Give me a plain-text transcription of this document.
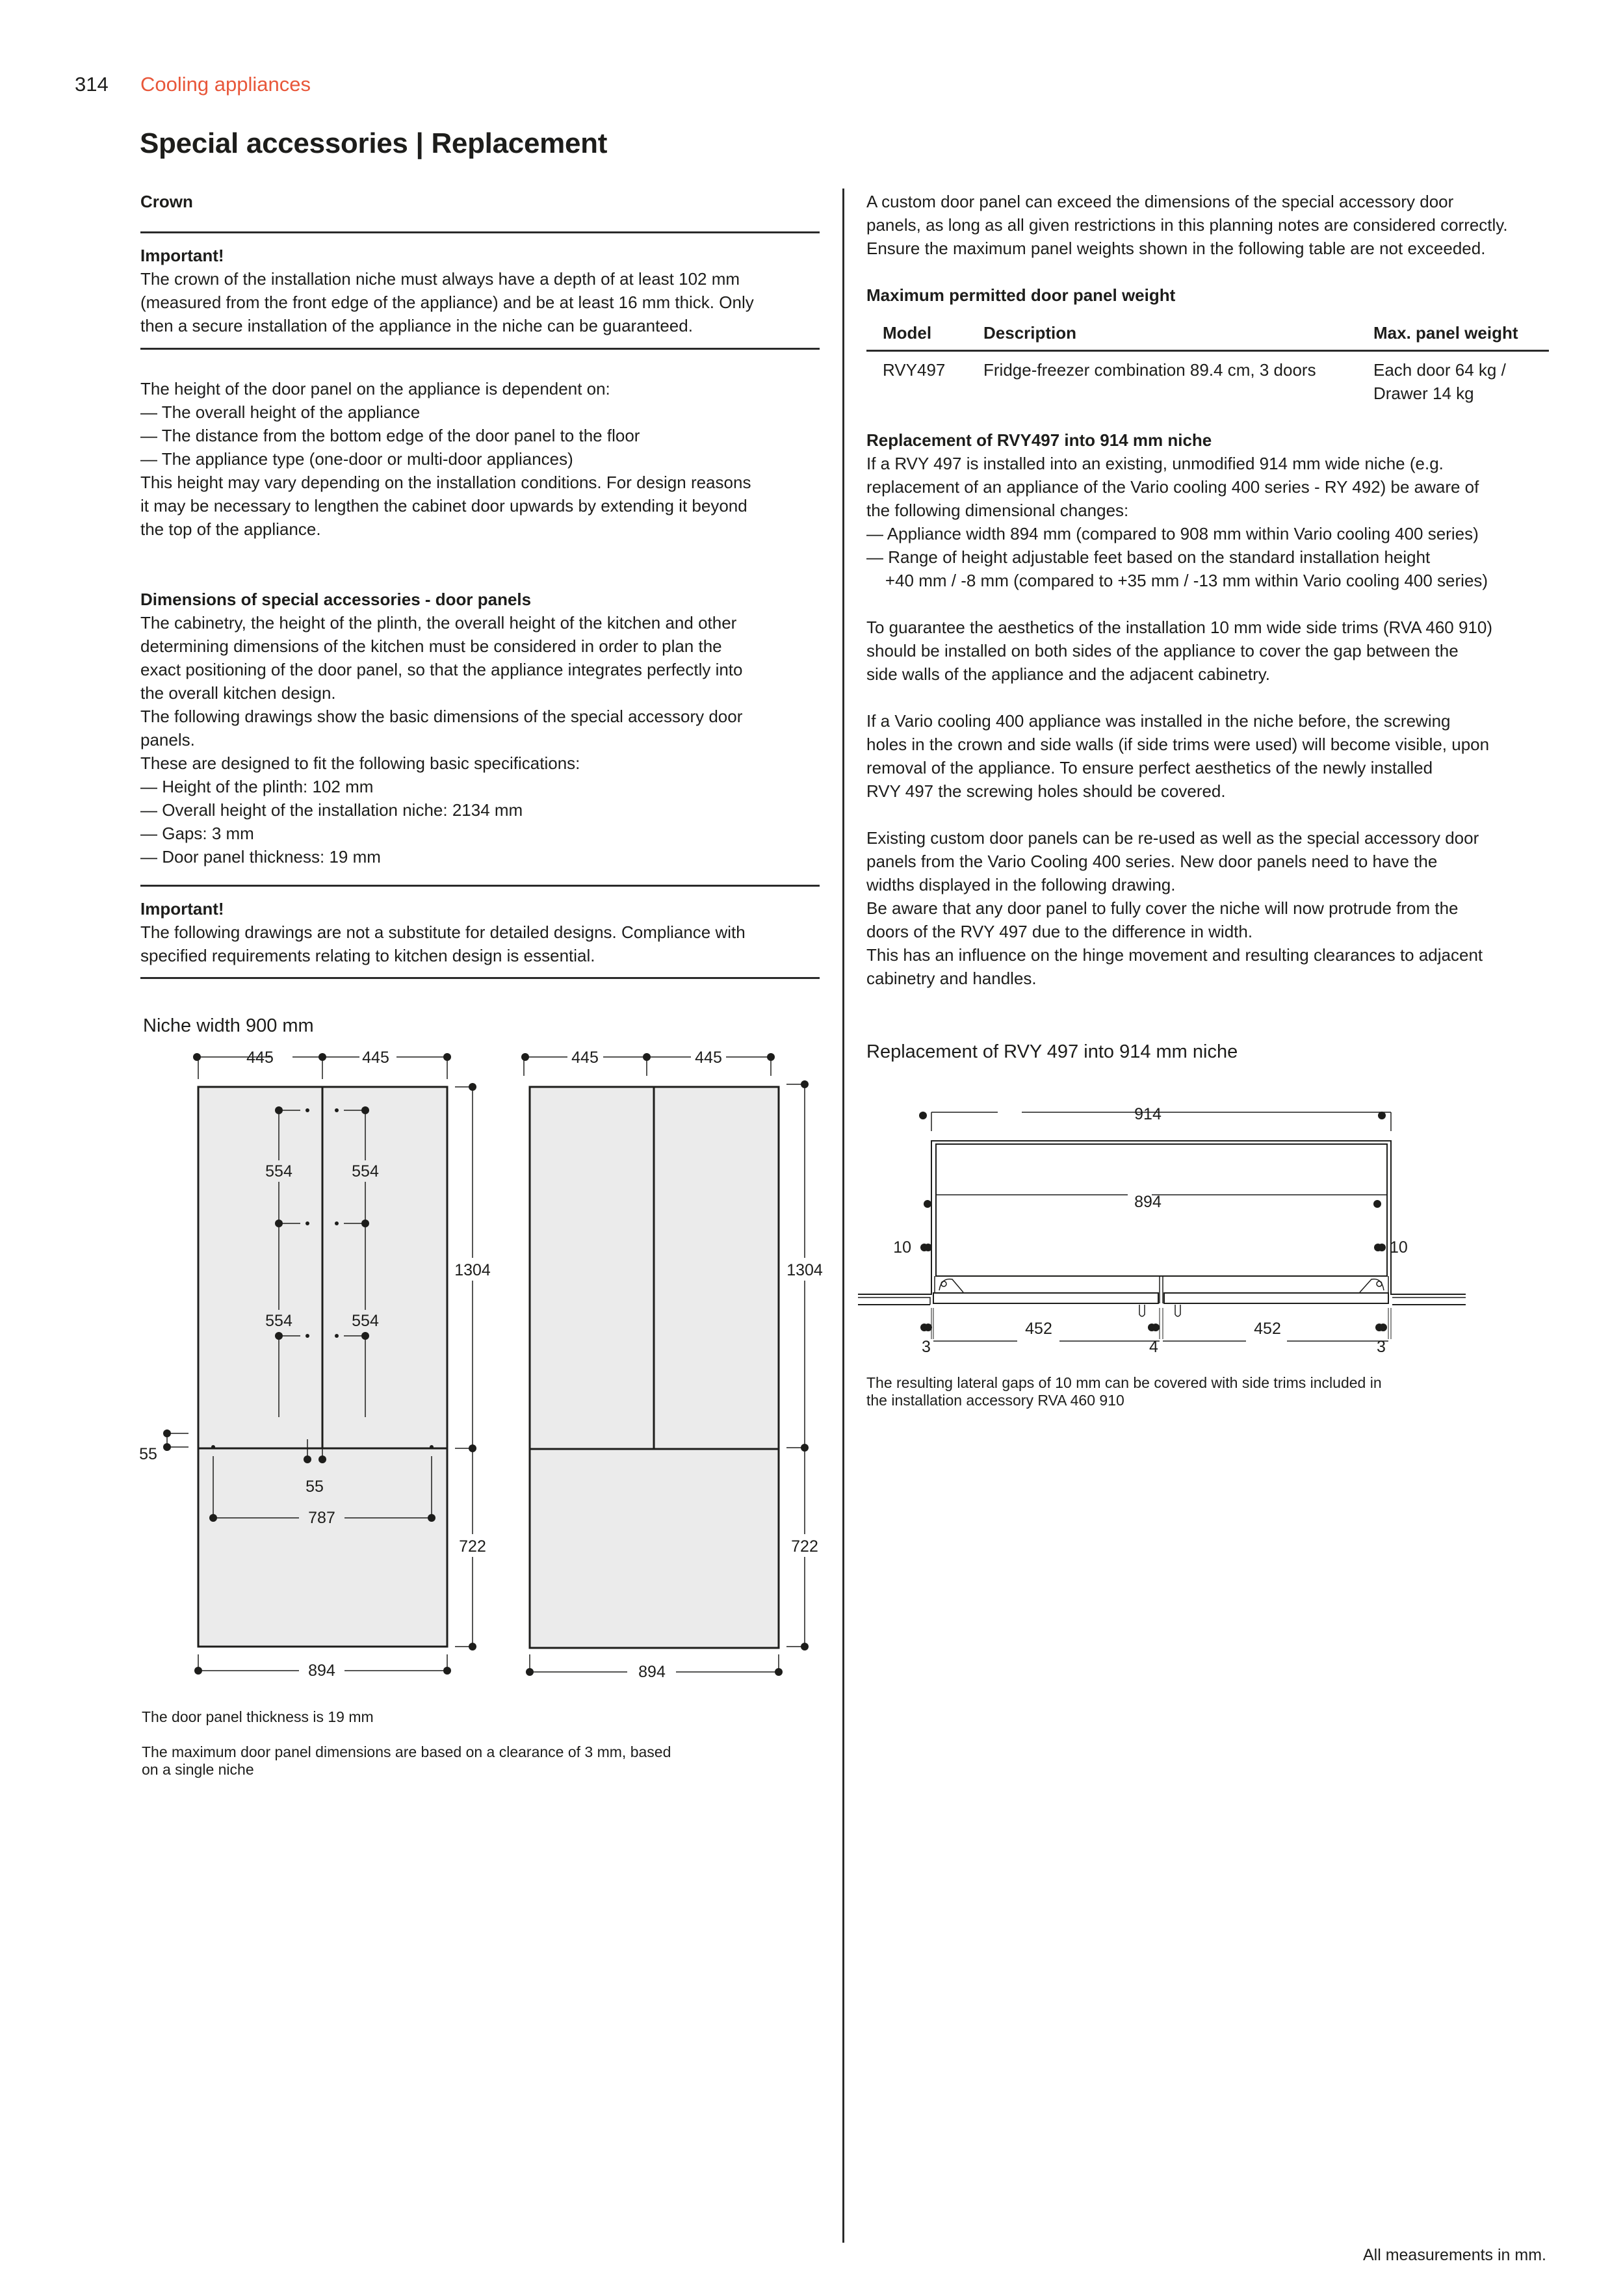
314 Cooling appliances
Special accessories | Replacement

Crown

Important!

The crown of the installation niche must always have a depth of at least 102 mm

(measured from the front edge of the appliance) and be at least 16 mm thick. Only

then a secure installation of the appliance in the niche can be guaranteed.

The height of the door panel on the appliance is dependent on:

— The overall height of the appliance

— The distance from the bottom edge of the door panel to the floor

— The appliance type (one-door or multi-door appliances)

This height may vary depending on the installation conditions. For design reasons

it may be necessary to lengthen the cabinet door upwards by extending it beyond

the top of the appliance.

Dimensions of special accessories - door panels

The cabinetry, the height of the plinth, the overall height of the kitchen and other

determining dimensions of the kitchen must be considered in order to plan the

exact positioning of the door panel, so that the appliance integrates perfectly into

the overall kitchen design.

The following drawings show the basic dimensions of the special accessory door

panels.

These are designed to fit the following basic specifications:

— Height of the plinth: 102 mm

— Overall height of the installation niche: 2134 mm

— Gaps: 3 mm

— Door panel thickness: 19 mm

Important!

The following drawings are not a substitute for detailed designs. Compliance with

specified requirements relating to kitchen design is essential.

Niche width 900 mm
445	445
554	554
554	554
1304
55
55
787
722
894
445	445
1304
722
894
The door panel thickness is 19 mm
The maximum door panel dimensions are based on a clearance of 3 mm, based
on a single niche

A custom door panel can exceed the dimensions of the special accessory door

panels, as long as all given restrictions in this planning notes are considered correctly.

Ensure the maximum panel weights shown in the following table are not exceeded.

Maximum permitted door panel weight

Model	Description	Max. panel weight
RVY497	Fridge-freezer combination 89.4 cm, 3 doors	Each door 64 kg /
Drawer 14 kg

Replacement of RVY497 into 914 mm niche

If a RVY 497 is installed into an existing, unmodified 914 mm wide niche (e.g.

replacement of an appliance of the Vario cooling 400 series - RY 492) be aware of

the following dimensional changes:

— Appliance width 894 mm (compared to 908 mm within Vario cooling 400 series)

— Range of height adjustable feet based on the standard installation height

+40 mm / -8 mm (compared to +35 mm / -13 mm within Vario cooling 400 series)

To guarantee the aesthetics of the installation 10 mm wide side trims (RVA 460 910)

should be installed on both sides of the appliance to cover the gap between the

side walls of the appliance and the adjacent cabinetry.

If a Vario cooling 400 appliance was installed in the niche before, the screwing

holes in the crown and side walls (if side trims were used) will become visible, upon

removal of the appliance. To ensure perfect aesthetics of the newly installed

RVY 497 the screwing holes should be covered.

Existing custom door panels can be re-used as well as the special accessory door

panels from the Vario Cooling 400 series. New door panels need to have the

widths displayed in the following drawing.

Be aware that any door panel to fully cover the niche will now protrude from the

doors of the RVY 497 due to the difference in width.

This has an influence on the hinge movement and resulting clearances to adjacent

cabinetry and handles.

Replacement of RVY 497 into 914 mm niche
914
894
10	10
452	452
3	4	3
The resulting lateral gaps of 10 mm can be covered with side trims included in
the installation accessory RVA 460 910
All measurements in mm.
